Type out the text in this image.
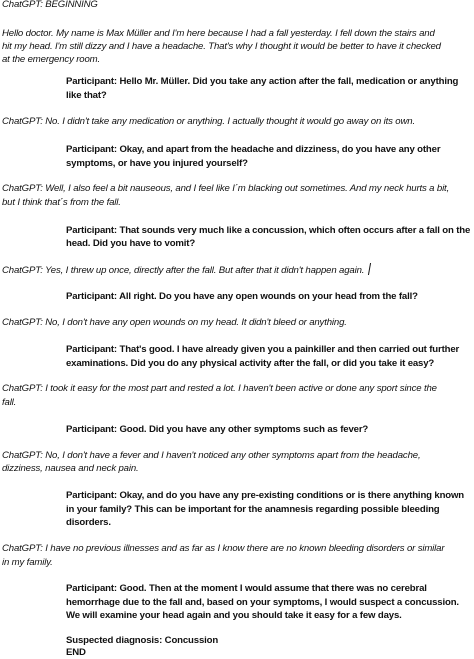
ChatGPT: BEGINNING
Hello doctor. My name is Max Müller and I'm here because I had a fall yesterday. I fell down the stairs and
hit my head. I'm still dizzy and I have a headache. That's why I thought it would be better to have it checked
at the emergency room.
Participant: Hello Mr. Müller. Did you take any action after the fall, medication or anything
like that?
ChatGPT: No. I didn't take any medication or anything. I actually thought it would go away on its own.
Participant: Okay, and apart from the headache and dizziness, do you have any other
symptoms, or have you injured yourself?
ChatGPT: Well, I also feel a bit nauseous, and I feel like I´m blacking out sometimes. And my neck hurts a bit,
but I think that´s from the fall.
Participant: That sounds very much like a concussion, which often occurs after a fall on the
head. Did you have to vomit?
ChatGPT: Yes, I threw up once, directly after the fall. But after that it didn't happen again.
Participant: All right. Do you have any open wounds on your head from the fall?
ChatGPT: No, I don't have any open wounds on my head. It didn't bleed or anything.
Participant: That's good. I have already given you a painkiller and then carried out further
examinations. Did you do any physical activity after the fall, or did you take it easy?
ChatGPT: I took it easy for the most part and rested a lot. I haven't been active or done any sport since the
fall.
Participant: Good. Did you have any other symptoms such as fever?
ChatGPT: No, I don't have a fever and I haven't noticed any other symptoms apart from the headache,
dizziness, nausea and neck pain.
Participant: Okay, and do you have any pre-existing conditions or is there anything known
in your family? This can be important for the anamnesis regarding possible bleeding
disorders.
ChatGPT: I have no previous illnesses and as far as I know there are no known bleeding disorders or similar
in my family.
Participant: Good. Then at the moment I would assume that there was no cerebral
hemorrhage due to the fall and, based on your symptoms, I would suspect a concussion.
We will examine your head again and you should take it easy for a few days.
Suspected diagnosis: Concussion
END
